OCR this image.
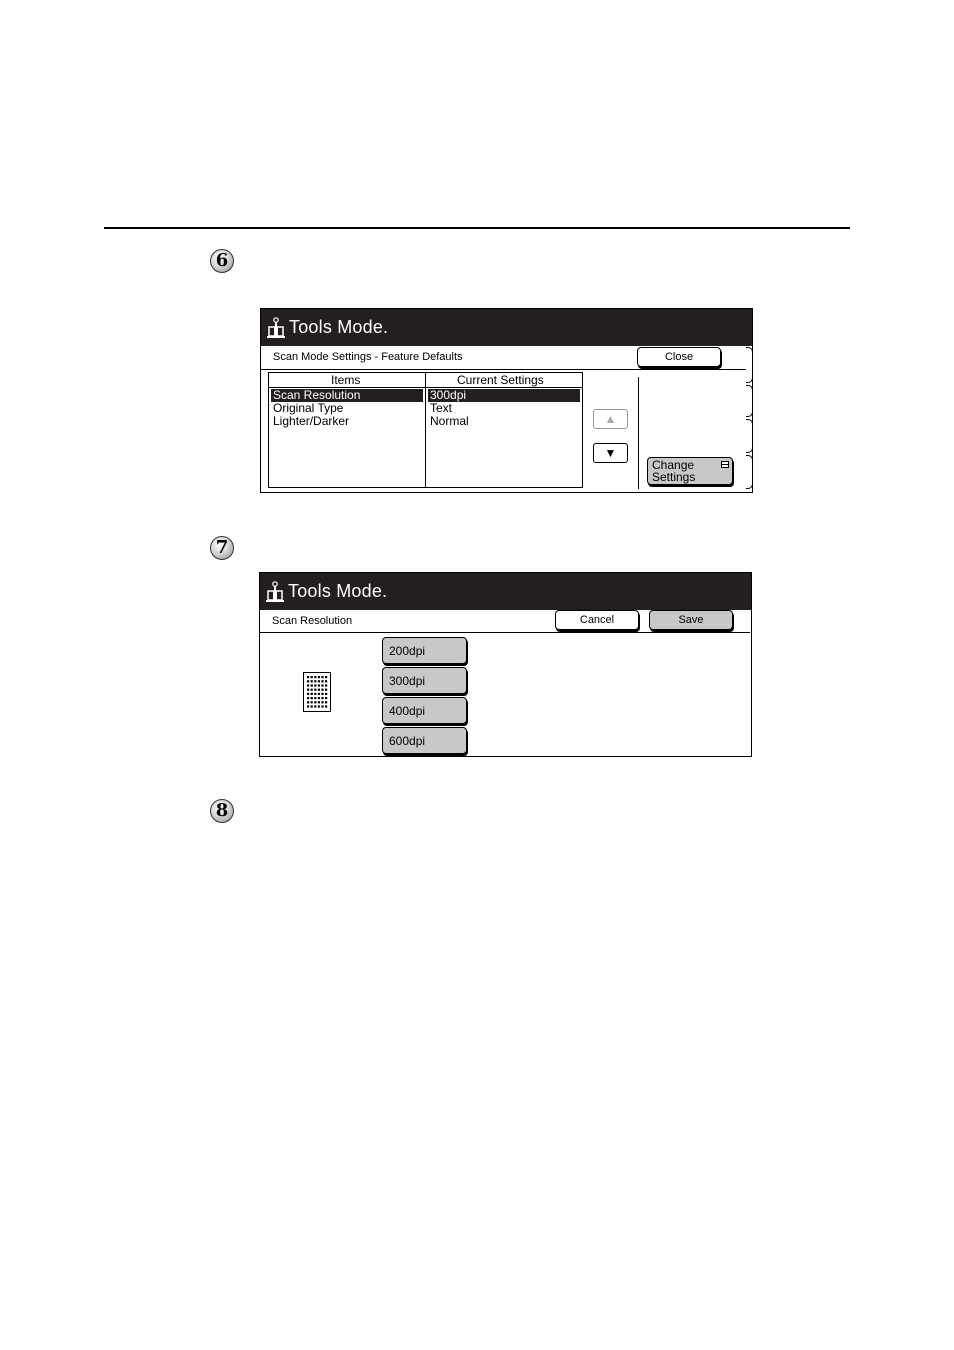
6
Tools Mode.
Scan Mode Settings - Feature Defaults	Close
Items	Current Settings
Scan Resolution	300dpi
Original Type	Text
Lighter/Darker	Normal	▲
▼
Change
Settings
7
Tools Mode.
Scan Resolution	Cancel	Save
200dpi
300dpi
400dpi
600dpi
8
